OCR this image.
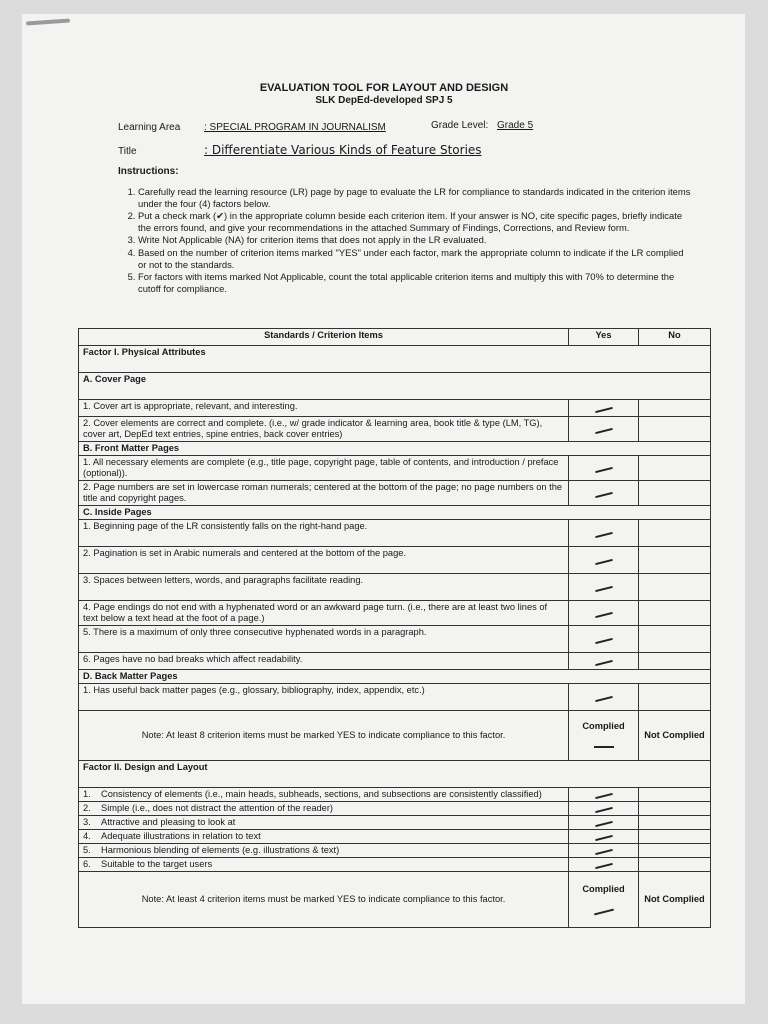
EVALUATION TOOL FOR LAYOUT AND DESIGN
SLK DepEd-developed SPJ 5
Learning Area : SPECIAL PROGRAM IN JOURNALISM	Grade Level: Grade 5
Title	: Differentiate Various Kinds of Feature Stories
Instructions:
1. Carefully read the learning resource (LR) page by page to evaluate the LR for compliance to standards indicated in the criterion items under the four (4) factors below.
2. Put a check mark (✔) in the appropriate column beside each criterion item. If your answer is NO, cite specific pages, briefly indicate the errors found, and give your recommendations in the attached Summary of Findings, Corrections, and Review form.
3. Write Not Applicable (NA) for criterion items that does not apply in the LR evaluated.
4. Based on the number of criterion items marked "YES" under each factor, mark the appropriate column to indicate if the LR complied or not to the standards.
5. For factors with items marked Not Applicable, count the total applicable criterion items and multiply this with 70% to determine the cutoff for compliance.
Standards / Criterion Items	Yes	No
Factor I. Physical Attributes		
A. Cover Page		
1. Cover art is appropriate, relevant, and interesting.		
2. Cover elements are correct and complete. (i.e., w/ grade indicator & learning area, book title & type (LM, TG), cover art, DepEd text entries, spine entries, back cover entries)		
B. Front Matter Pages		
1. All necessary elements are complete (e.g., title page, copyright page, table of contents, and introduction / preface (optional)).		
2. Page numbers are set in lowercase roman numerals; centered at the bottom of the page; no page numbers on the title and copyright pages.		
C. Inside Pages		
1. Beginning page of the LR consistently falls on the right-hand page.		
2. Pagination is set in Arabic numerals and centered at the bottom of the page.		
3. Spaces between letters, words, and paragraphs facilitate reading.		
4. Page endings do not end with a hyphenated word or an awkward page turn. (i.e., there are at least two lines of text below a text head at the foot of a page.)		
5. There is a maximum of only three consecutive hyphenated words in a paragraph.		
6. Pages have no bad breaks which affect readability.		
D. Back Matter Pages		
1. Has useful back matter pages (e.g., glossary, bibliography, index, appendix, etc.)		
Note: At least 8 criterion items must be marked YES to indicate compliance to this factor.	Complied	Not Complied
Factor II. Design and Layout		
1. Consistency of elements (i.e., main heads, subheads, sections, and subsections are consistently classified)		
2. Simple (i.e., does not distract the attention of the reader)		
3. Attractive and pleasing to look at		
4. Adequate illustrations in relation to text		
5. Harmonious blending of elements (e.g. illustrations & text)		
6. Suitable to the target users		
Note: At least 4 criterion items must be marked YES to indicate compliance to this factor.	Complied	Not Complied
